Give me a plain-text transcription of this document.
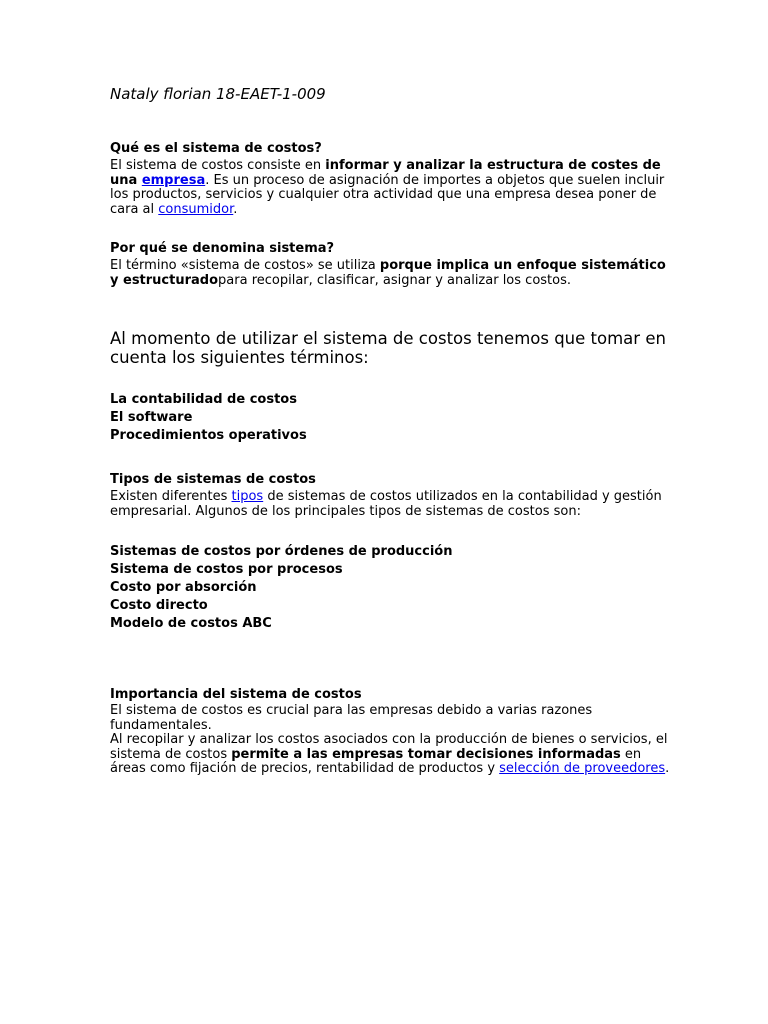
Nataly florian 18-EAET-1-009
Qué es el sistema de costos?
El sistema de costos consiste en informar y analizar la estructura de costes de una empresa. Es un proceso de asignación de importes a objetos que suelen incluir los productos, servicios y cualquier otra actividad que una empresa desea poner de cara al consumidor.
Por qué se denomina sistema?
El término «sistema de costos» se utiliza porque implica un enfoque sistemático y estructuradopara recopilar, clasificar, asignar y analizar los costos.
Al momento de utilizar el sistema de costos tenemos que tomar en cuenta los siguientes términos:
La contabilidad de costos
El software
Procedimientos operativos
Tipos de sistemas de costos
Existen diferentes tipos de sistemas de costos utilizados en la contabilidad y gestión empresarial. Algunos de los principales tipos de sistemas de costos son:
Sistemas de costos por órdenes de producción
Sistema de costos por procesos
Costo por absorción
Costo directo
Modelo de costos ABC
Importancia del sistema de costos
El sistema de costos es crucial para las empresas debido a varias razones fundamentales.
Al recopilar y analizar los costos asociados con la producción de bienes o servicios, el sistema de costos permite a las empresas tomar decisiones informadas en áreas como fijación de precios, rentabilidad de productos y selección de proveedores.
